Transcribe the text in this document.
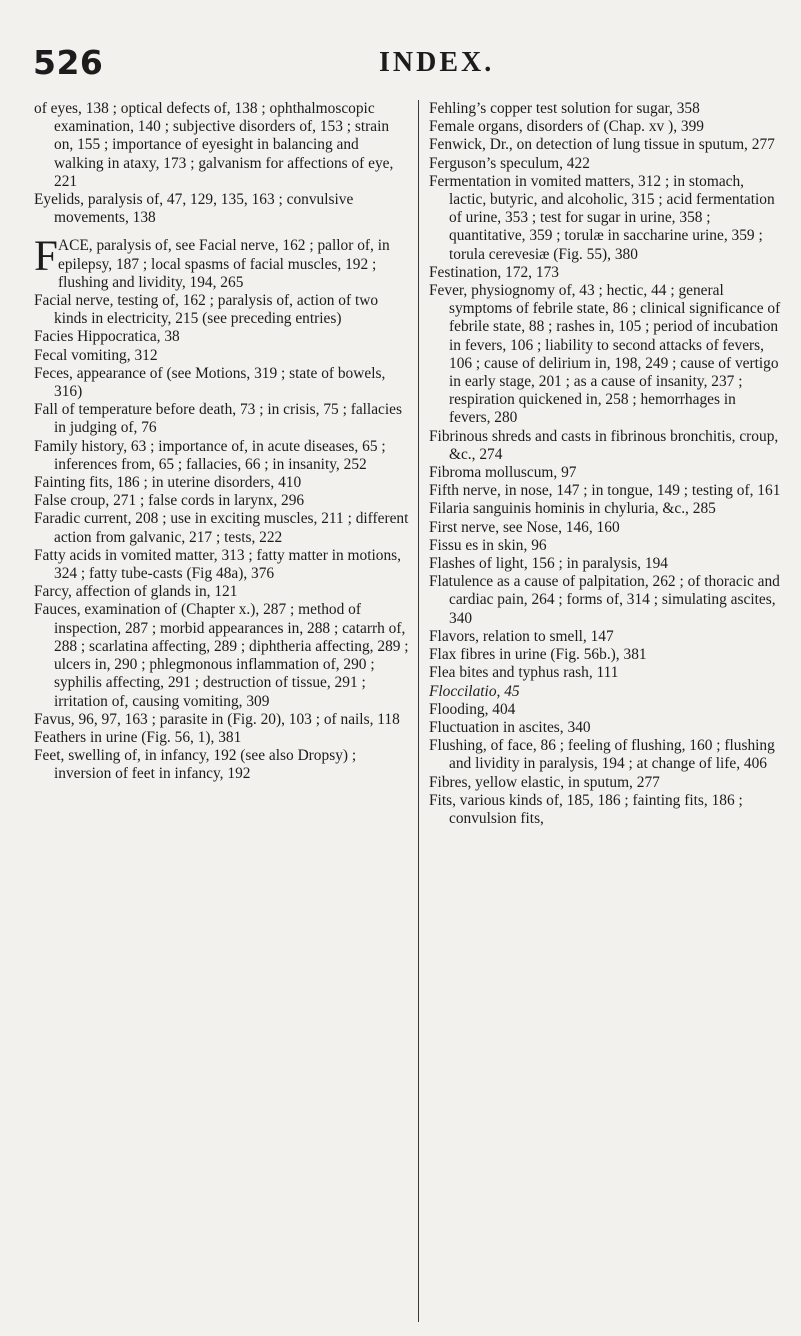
526	INDEX.

of eyes, 138 ; optical defects of, 138 ; ophthalmoscopic examination, 140 ; subjective disorders of, 153 ; strain on, 155 ; importance of eyesight in balancing and walking in ataxy, 173 ; galvanism for affections of eye, 221

Eyelids, paralysis of, 47, 129, 135, 163 ; convulsive movements, 138

F ACE, paralysis of, see Facial nerve, 162 ; pallor of, in epilepsy, 187 ; local spasms of facial muscles, 192 ; flushing and lividity, 194, 265

Facial nerve, testing of, 162 ; paralysis of, action of two kinds in electricity, 215 (see preceding entries)

Facies Hippocratica, 38

Fecal vomiting, 312

Feces, appearance of (see Motions, 319 ; state of bowels, 316)

Fall of temperature before death, 73 ; in crisis, 75 ; fallacies in judging of, 76

Family history, 63 ; importance of, in acute diseases, 65 ; inferences from, 65 ; fallacies, 66 ; in insanity, 252

Fainting fits, 186 ; in uterine disorders, 410

False croup, 271 ; false cords in larynx, 296

Faradic current, 208 ; use in exciting muscles, 211 ; different action from galvanic, 217 ; tests, 222

Fatty acids in vomited matter, 313 ; fatty matter in motions, 324 ; fatty tube-casts (Fig 48a), 376

Farcy, affection of glands in, 121

Fauces, examination of (Chapter x.), 287 ; method of inspection, 287 ; morbid appearances in, 288 ; catarrh of, 288 ; scarlatina affecting, 289 ; diphtheria affecting, 289 ; ulcers in, 290 ; phlegmonous inflammation of, 290 ; syphilis affecting, 291 ; destruction of tissue, 291 ; irritation of, causing vomiting, 309

Favus, 96, 97, 163 ; parasite in (Fig. 20), 103 ; of nails, 118

Feathers in urine (Fig. 56, 1), 381

Feet, swelling of, in infancy, 192 (see also Dropsy) ; inversion of feet in infancy, 192

Fehling’s copper test solution for sugar, 358

Female organs, disorders of (Chap. xv ), 399

Fenwick, Dr., on detection of lung tissue in sputum, 277

Ferguson’s speculum, 422

Fermentation in vomited matters, 312 ; in stomach, lactic, butyric, and alcoholic, 315 ; acid fermentation of urine, 353 ; test for sugar in urine, 358 ; quantitative, 359 ; torulæ in saccharine urine, 359 ; torula cerevesiæ (Fig. 55), 380

Festination, 172, 173

Fever, physiognomy of, 43 ; hectic, 44 ; general symptoms of febrile state, 86 ; clinical significance of febrile state, 88 ; rashes in, 105 ; period of incubation in fevers, 106 ; liability to second attacks of fevers, 106 ; cause of delirium in, 198, 249 ; cause of vertigo in early stage, 201 ; as a cause of insanity, 237 ; respiration quickened in, 258 ; hemorrhages in fevers, 280

Fibrinous shreds and casts in fibrinous bronchitis, croup, &c., 274

Fibroma molluscum, 97

Fifth nerve, in nose, 147 ; in tongue, 149 ; testing of, 161

Filaria sanguinis hominis in chyluria, &c., 285

First nerve, see Nose, 146, 160

Fissu es in skin, 96

Flashes of light, 156 ; in paralysis, 194

Flatulence as a cause of palpitation, 262 ; of thoracic and cardiac pain, 264 ; forms of, 314 ; simulating ascites, 340

Flavors, relation to smell, 147

Flax fibres in urine (Fig. 56b.), 381

Flea bites and typhus rash, 111

Floccilatio, 45

Flooding, 404

Fluctuation in ascites, 340

Flushing, of face, 86 ; feeling of flushing, 160 ; flushing and lividity in paralysis, 194 ; at change of life, 406

Fibres, yellow elastic, in sputum, 277

Fits, various kinds of, 185, 186 ; fainting fits, 186 ; convulsion fits,
